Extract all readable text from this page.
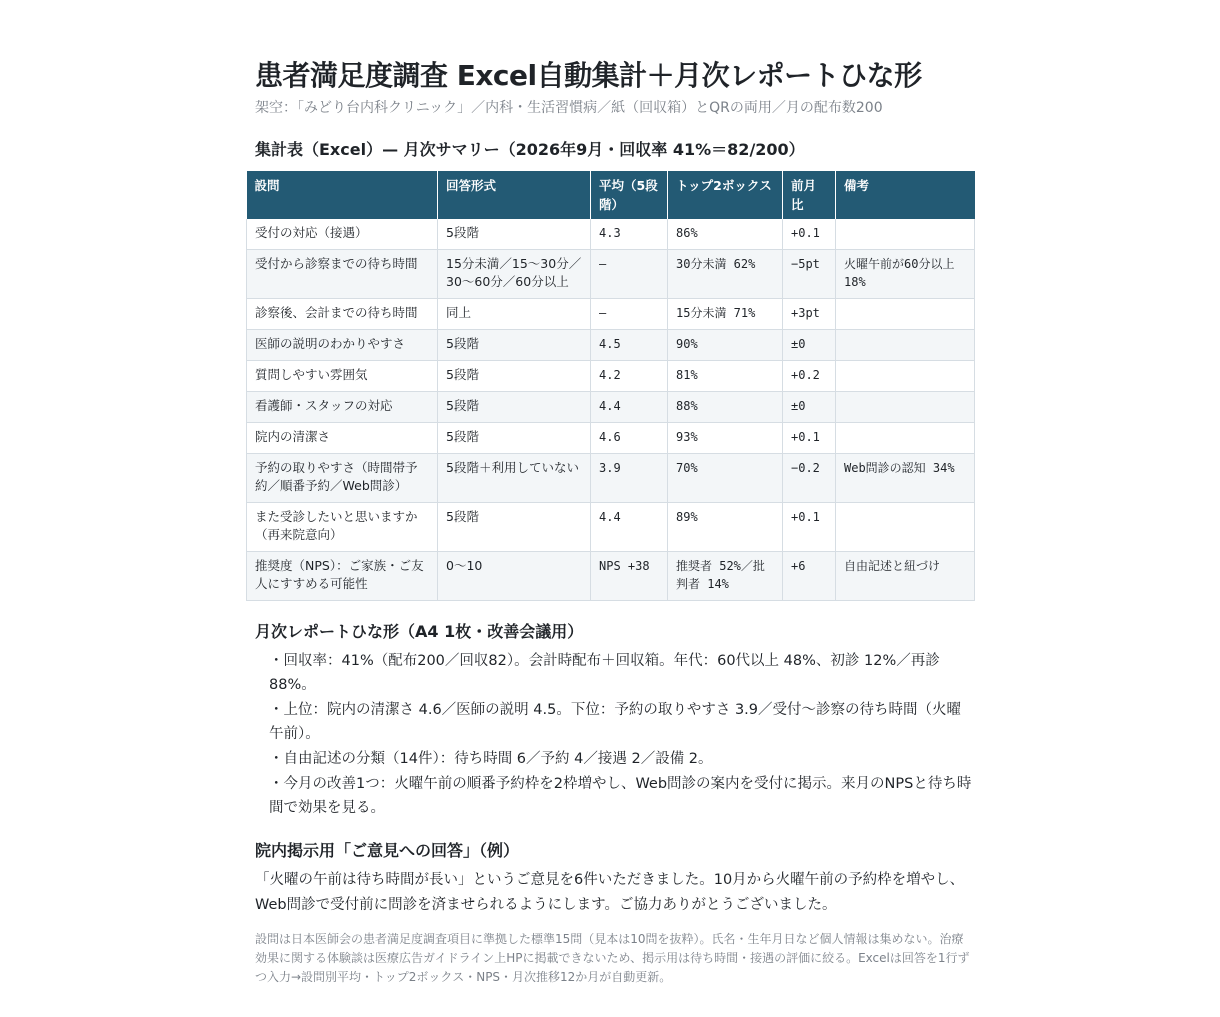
患者満足度調査 Excel自動集計＋月次レポートひな形
架空：「みどり台内科クリニック」／内科・生活習慣病／紙（回収箱）とQRの両用／月の配布数200
集計表（Excel）— 月次サマリー（2026年9月・回収率 41%＝82/200）
設問	回答形式	平均（5段階）	トップ2ボックス	前月比	備考
受付の対応（接遇）	5段階	4.3	86%	+0.1	
受付から診察までの待ち時間	15分未満／15〜30分／30〜60分／60分以上	—	30分未満 62%	−5pt	火曜午前が60分以上 18%
診察後、会計までの待ち時間	同上	—	15分未満 71%	+3pt	
医師の説明のわかりやすさ	5段階	4.5	90%	±0	
質問しやすい雰囲気	5段階	4.2	81%	+0.2	
看護師・スタッフの対応	5段階	4.4	88%	±0	
院内の清潔さ	5段階	4.6	93%	+0.1	
予約の取りやすさ（時間帯予約／順番予約／Web問診）	5段階＋利用していない	3.9	70%	−0.2	Web問診の認知 34%
また受診したいと思いますか（再来院意向）	5段階	4.4	89%	+0.1	
推奨度（NPS）：ご家族・ご友人にすすめる可能性	0〜10	NPS +38	推奨者 52%／批判者 14%	+6	自由記述と紐づけ
月次レポートひな形（A4 1枚・改善会議用）
・回収率：41%（配布200／回収82）。会計時配布＋回収箱。年代：60代以上 48%、初診 12%／再診 88%。
・上位：院内の清潔さ 4.6／医師の説明 4.5。下位：予約の取りやすさ 3.9／受付〜診察の待ち時間（火曜午前）。
・自由記述の分類（14件）：待ち時間 6／予約 4／接遇 2／設備 2。
・今月の改善1つ：火曜午前の順番予約枠を2枠増やし、Web問診の案内を受付に掲示。来月のNPSと待ち時間で効果を見る。
院内掲示用「ご意見への回答」（例）
「火曜の午前は待ち時間が長い」というご意見を6件いただきました。10月から火曜午前の予約枠を増やし、Web問診で受付前に問診を済ませられるようにします。ご協力ありがとうございました。
設問は日本医師会の患者満足度調査項目に準拠した標準15問（見本は10問を抜粋）。氏名・生年月日など個人情報は集めない。治療効果に関する体験談は医療広告ガイドライン上HPに掲載できないため、掲示用は待ち時間・接遇の評価に絞る。Excelは回答を1行ずつ入力→設問別平均・トップ2ボックス・NPS・月次推移12か月が自動更新。
